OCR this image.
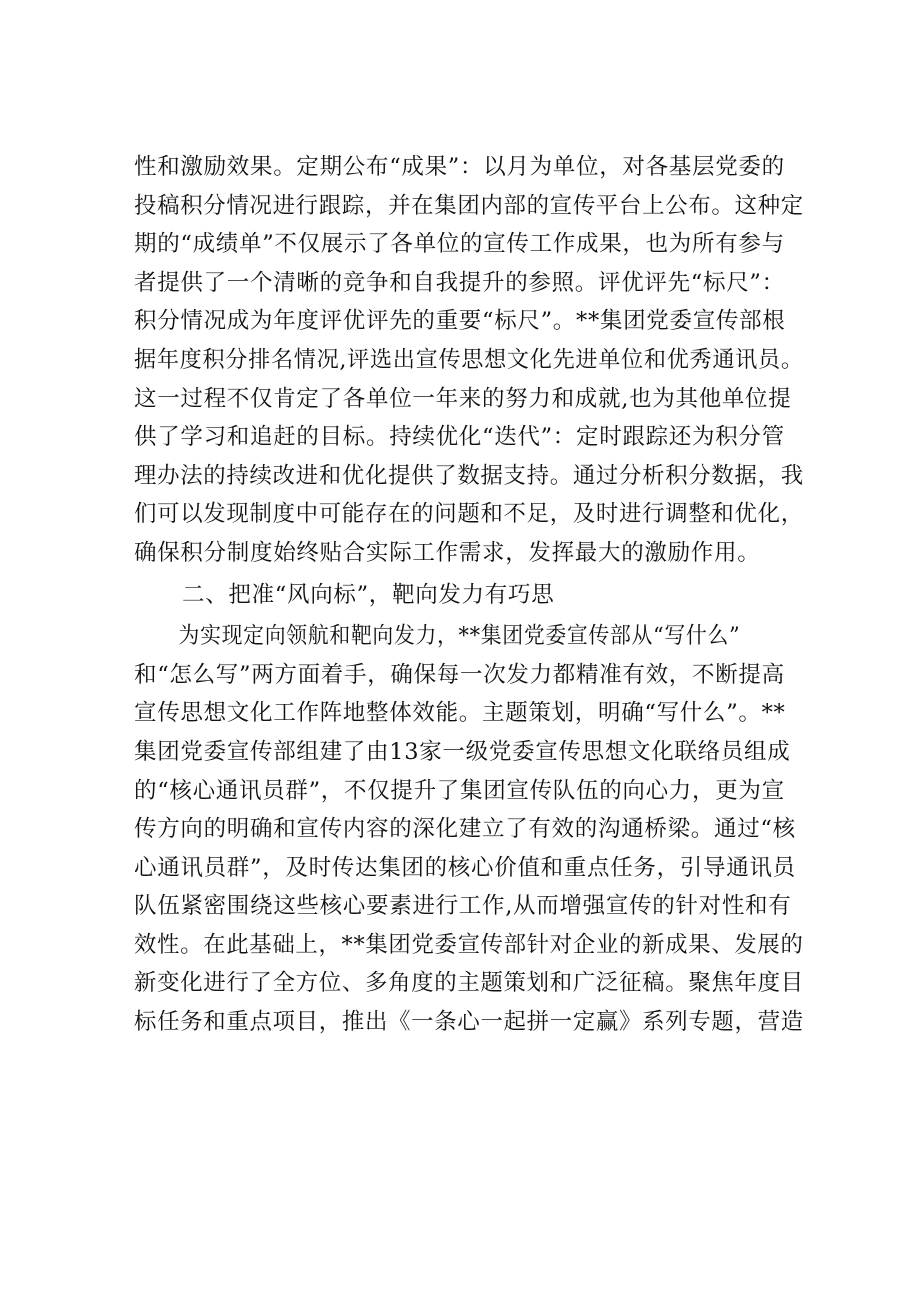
性和激励效果。定期公布“成果”：以月为单位，对各基层党委的
投稿积分情况进行跟踪，并在集团内部的宣传平台上公布。这种定
期的“成绩单”不仅展示了各单位的宣传工作成果，也为所有参与
者提供了一个清晰的竞争和自我提升的参照。评优评先“标尺”：
积分情况成为年度评优评先的重要“标尺”。**集团党委宣传部根
据年度积分排名情况,评选出宣传思想文化先进单位和优秀通讯员。
这一过程不仅肯定了各单位一年来的努力和成就,也为其他单位提
供了学习和追赶的目标。持续优化“迭代”：定时跟踪还为积分管
理办法的持续改进和优化提供了数据支持。通过分析积分数据，我
们可以发现制度中可能存在的问题和不足，及时进行调整和优化，
确保积分制度始终贴合实际工作需求，发挥最大的激励作用。
二、把准“风向标”，靶向发力有巧思
为实现定向领航和靶向发力，**集团党委宣传部从“写什么”
和“怎么写”两方面着手，确保每一次发力都精准有效，不断提高
宣传思想文化工作阵地整体效能。主题策划，明确“写什么”。**
集团党委宣传部组建了由13家一级党委宣传思想文化联络员组成
的“核心通讯员群”，不仅提升了集团宣传队伍的向心力，更为宣
传方向的明确和宣传内容的深化建立了有效的沟通桥梁。通过“核
心通讯员群”，及时传达集团的核心价值和重点任务，引导通讯员
队伍紧密围绕这些核心要素进行工作,从而增强宣传的针对性和有
效性。在此基础上，**集团党委宣传部针对企业的新成果、发展的
新变化进行了全方位、多角度的主题策划和广泛征稿。聚焦年度目
标任务和重点项目，推出《一条心一起拼一定赢》系列专题，营造
